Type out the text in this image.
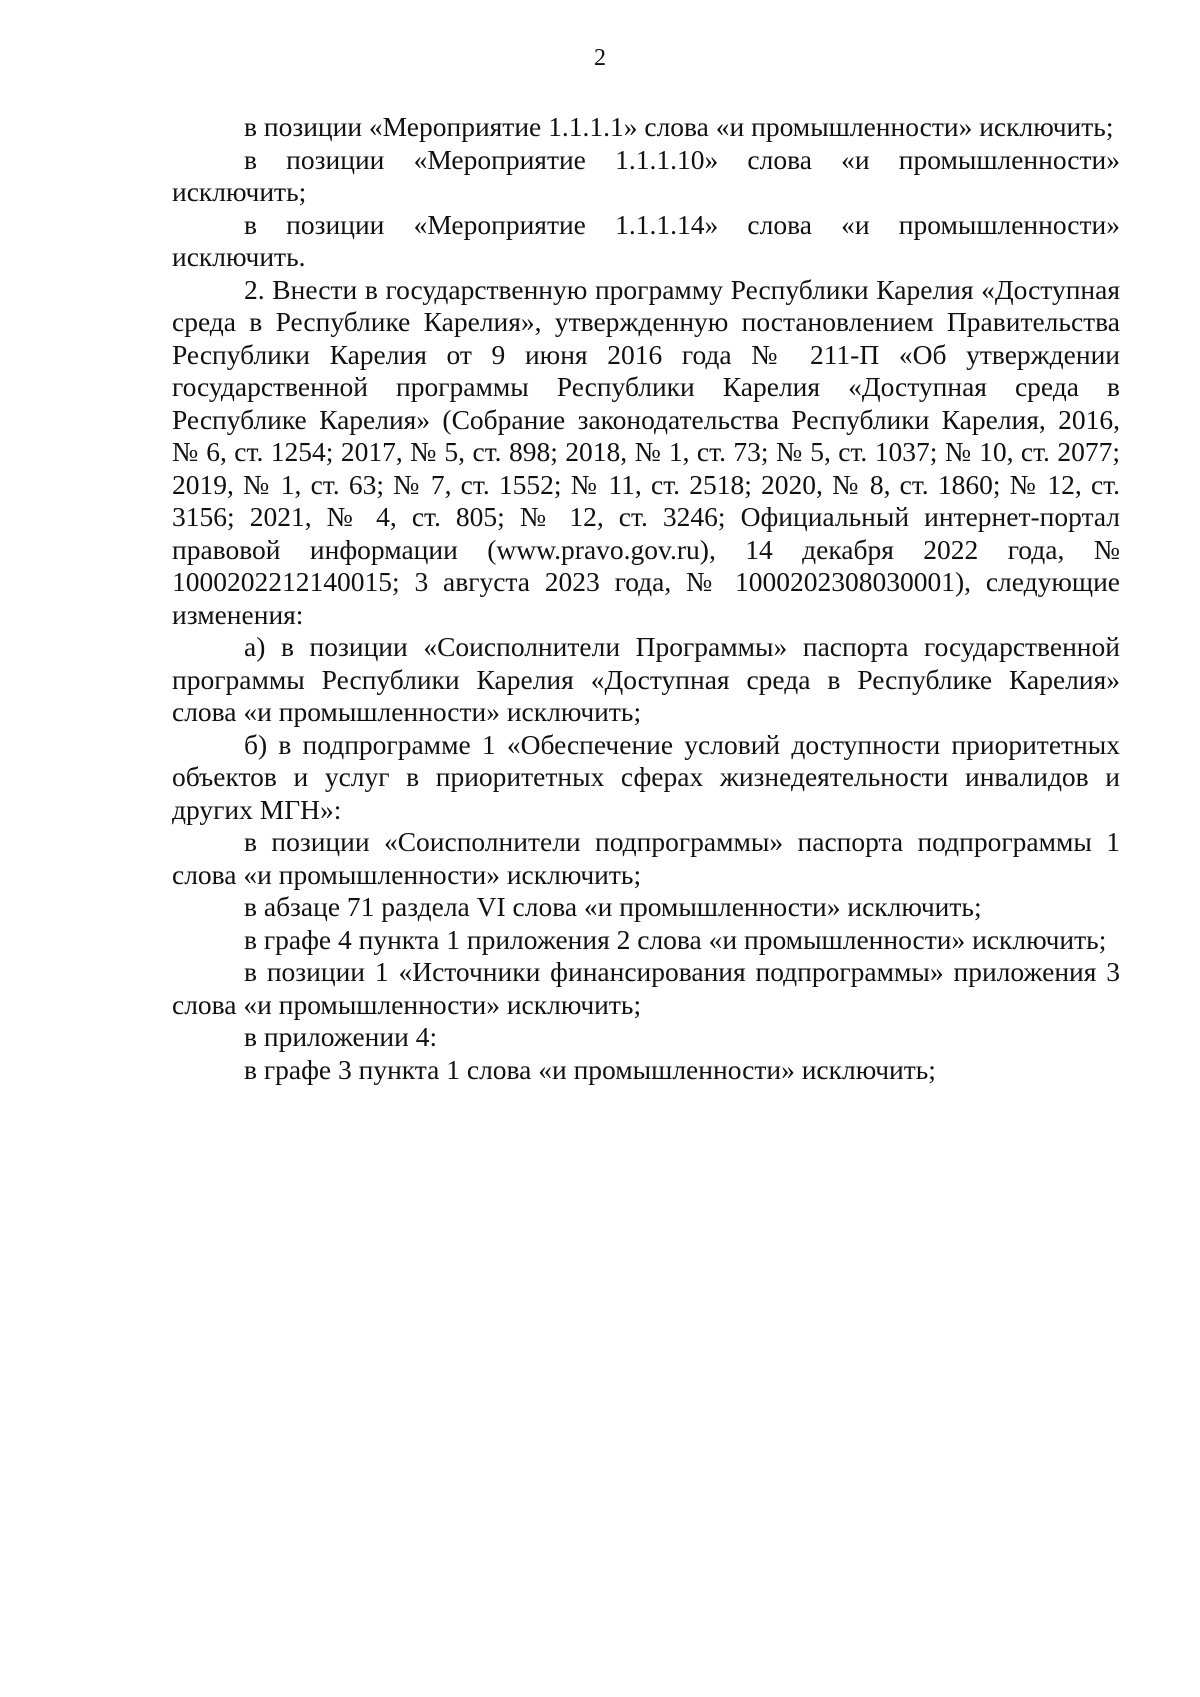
2

в позиции «Мероприятие 1.1.1.1» слова «и промышленности» исключить;

в позиции «Мероприятие 1.1.1.10» слова «и промышленности» исключить;

в позиции «Мероприятие 1.1.1.14» слова «и промышленности» исключить.

2. Внести в государственную программу Республики Карелия «Доступная среда в Республике Карелия», утвержденную постановлением Правительства Республики Карелия от 9 июня 2016 года № 211-П «Об утверждении государственной программы Республики Карелия «Доступная среда в Республике Карелия» (Собрание законодательства Республики Карелия, 2016, № 6, ст. 1254; 2017, № 5, ст. 898; 2018, № 1, ст. 73; № 5, ст. 1037; № 10, ст. 2077; 2019, № 1, ст. 63; № 7, ст. 1552; № 11, ст. 2518; 2020, № 8, ст. 1860; № 12, ст. 3156; 2021, № 4, ст. 805; № 12, ст. 3246; Официальный интернет-портал правовой информации (www.pravo.gov.ru), 14 декабря 2022 года, № 1000202212140015; 3 августа 2023 года, № 1000202308030001), следующие изменения:

а) в позиции «Соисполнители Программы» паспорта государственной программы Республики Карелия «Доступная среда в Республике Карелия» слова «и промышленности» исключить;

б) в подпрограмме 1 «Обеспечение условий доступности приоритетных объектов и услуг в приоритетных сферах жизнедеятельности инвалидов и других МГН»:

в позиции «Соисполнители подпрограммы» паспорта подпрограммы 1 слова «и промышленности» исключить;

в абзаце 71 раздела VI слова «и промышленности» исключить;

в графе 4 пункта 1 приложения 2 слова «и промышленности» исключить;

в позиции 1 «Источники финансирования подпрограммы» приложения 3 слова «и промышленности» исключить;

в приложении 4:

в графе 3 пункта 1 слова «и промышленности» исключить;
